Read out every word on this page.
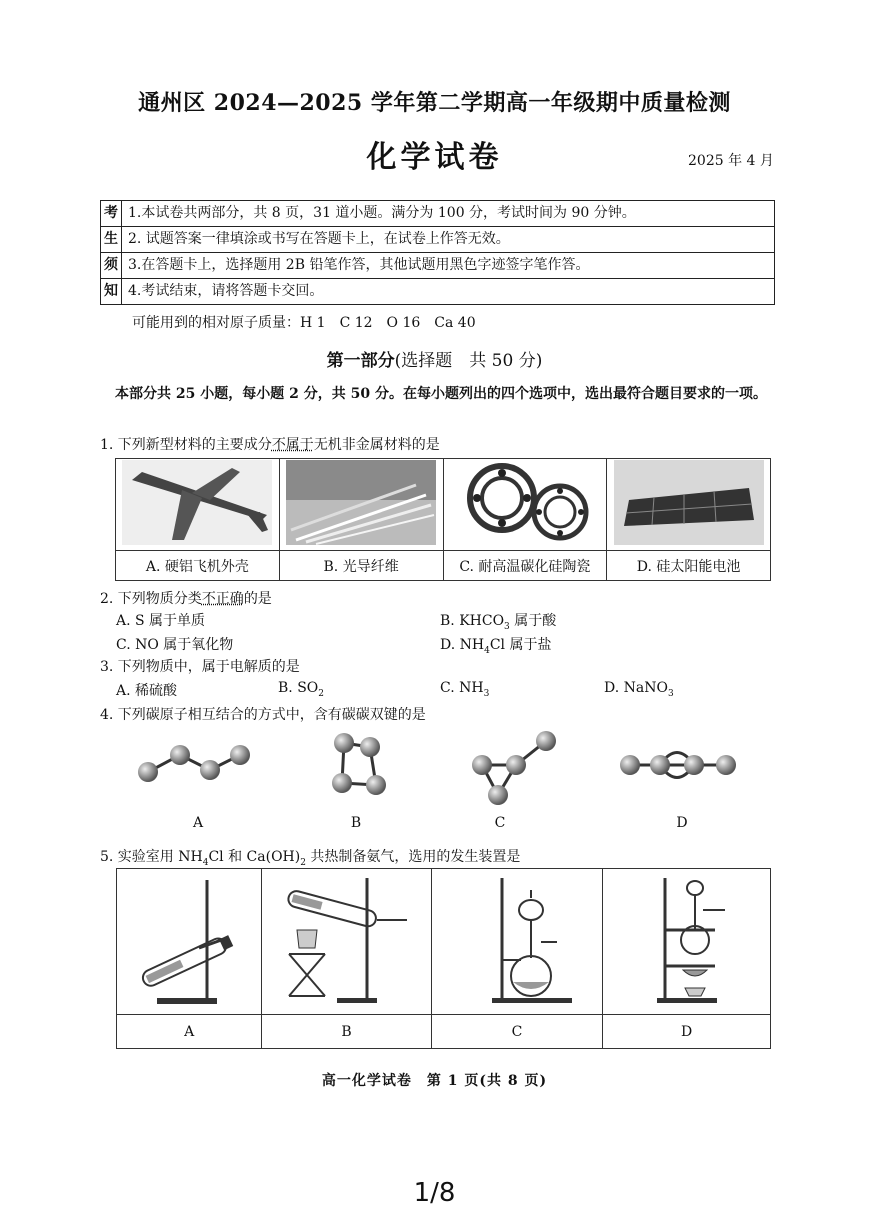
通州区 2024—2025 学年第二学期高一年级期中质量检测
化学试卷	2025 年 4 月
考	1.本试卷共两部分，共 8 页，31 道小题。满分为 100 分，考试时间为 90 分钟。
生	2. 试题答案一律填涂或书写在答题卡上，在试卷上作答无效。
须	3.在答题卡上，选择题用 2B 铅笔作答，其他试题用黑色字迹签字笔作答。
知	4.考试结束，请将答题卡交回。
可能用到的相对原子质量：H 1　C 12　O 16　Ca 40
第一部分(选择题　共 50 分)
本部分共 25 小题，每小题 2 分，共 50 分。在每小题列出的四个选项中，选出最符合题目要求的一项。
1. 下列新型材料的主要成分不属于无机非金属材料的是

A. 硬铝飞机外壳	B. 光导纤维	C. 耐高温碳化硅陶瓷	D. 硅太阳能电池
2. 下列物质分类不正确的是
A. S 属于单质	B. $KHCO_3$ 属于酸
C. NO 属于氧化物	D. $NH_4Cl$ 属于盐
3. 下列物质中，属于电解质的是
A. 稀硫酸	B. $SO_2$	C. $NH_3$	D. NaNO$_3$
4. 下列碳原子相互结合的方式中，含有碳碳双键的是
A	B	C	D
5. 实验室用 $NH_4Cl$ 和 $Ca(OH)_2$ 共热制备氨气，选用的发生装置是

A	B	C	D
高一化学试卷　第 1 页(共 8 页)
1/8
